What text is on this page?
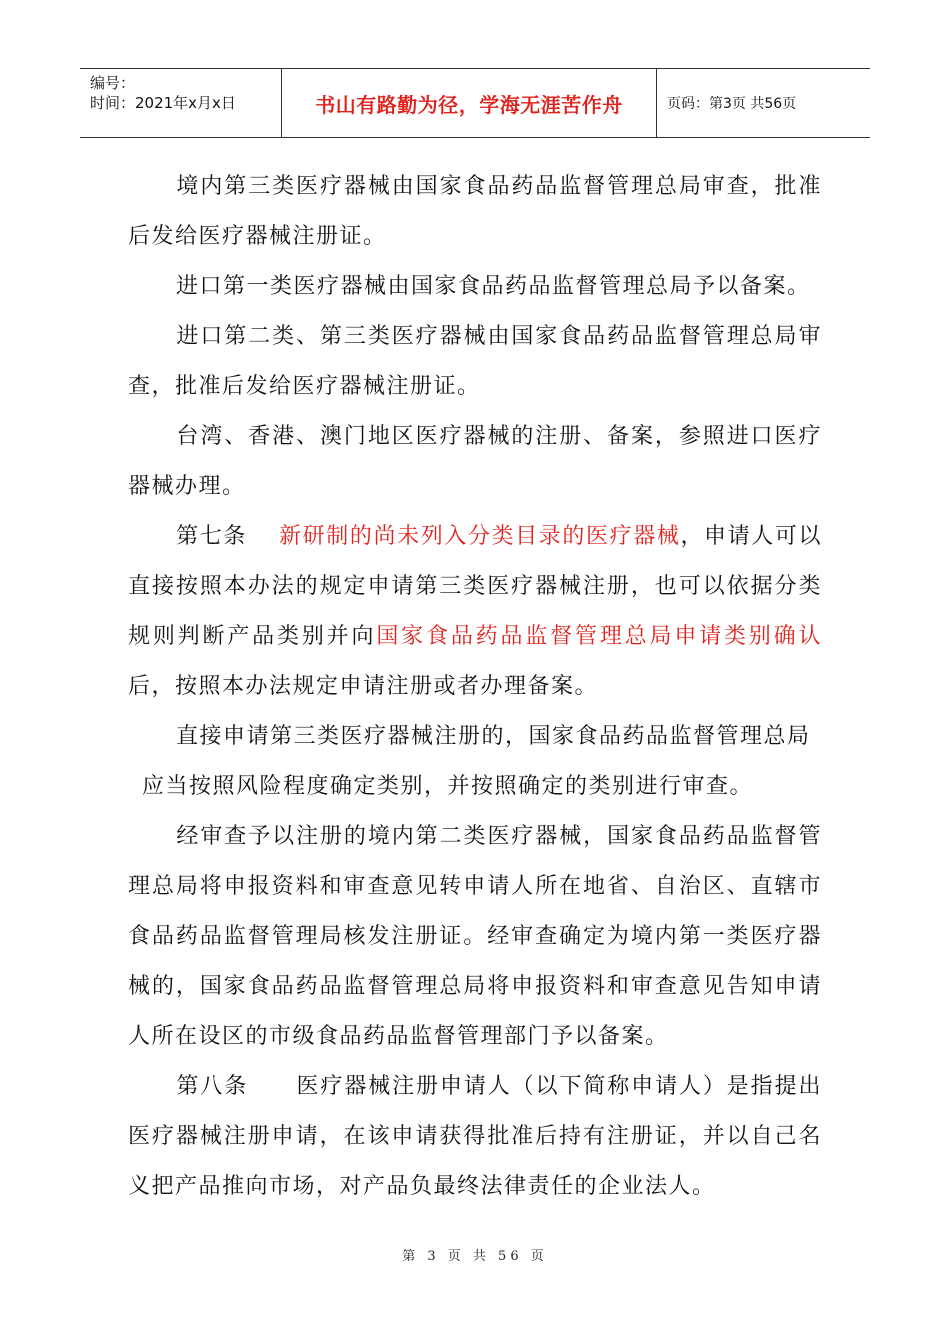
编号：
时间：2021年x月x日	书山有路勤为径，学海无涯苦作舟	页码：第3页 共56页

境内第三类医疗器械由国家食品药品监督管理总局审查，批准后发给医疗器械注册证。

进口第一类医疗器械由国家食品药品监督管理总局予以备案。

进口第二类、第三类医疗器械由国家食品药品监督管理总局审查，批准后发给医疗器械注册证。

台湾、香港、澳门地区医疗器械的注册、备案，参照进口医疗器械办理。

第七条 新研制的尚未列入分类目录的医疗器械，申请人可以直接按照本办法的规定申请第三类医疗器械注册，也可以依据分类规则判断产品类别并向国家食品药品监督管理总局申请类别确认后，按照本办法规定申请注册或者办理备案。

直接申请第三类医疗器械注册的，国家食品药品监督管理总局
应当按照风险程度确定类别，并按照确定的类别进行审查。

经审查予以注册的境内第二类医疗器械，国家食品药品监督管理总局将申报资料和审查意见转申请人所在地省、自治区、直辖市食品药品监督管理局核发注册证。经审查确定为境内第一类医疗器械的，国家食品药品监督管理总局将申报资料和审查意见告知申请人所在设区的市级食品药品监督管理部门予以备案。

第八条 医疗器械注册申请人（以下简称申请人）是指提出医疗器械注册申请，在该申请获得批准后持有注册证，并以自己名义把产品推向市场，对产品负最终法律责任的企业法人。

第 3 页 共 56 页
